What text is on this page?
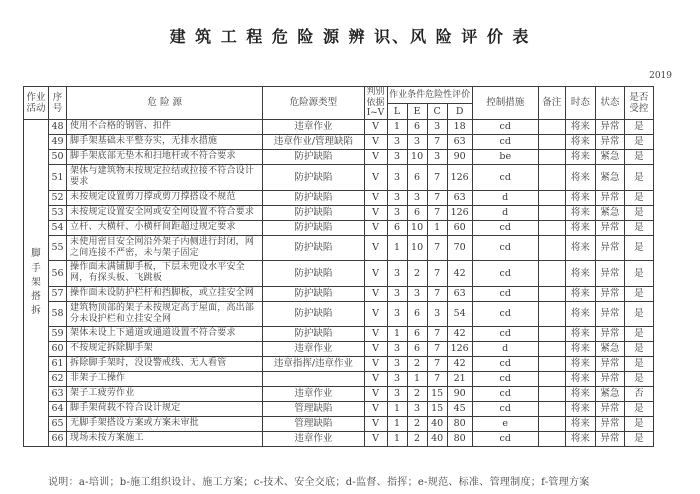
建 筑 工 程 危 险 源 辨 识、风 险 评 价 表
2019
作业活动	序号	危 险 源	危险源类型	判别依据I~V	作业条件危险性评价				控制措施	备注	时态	状态	是否受控
					L	E	C	D					
脚手架搭拆	48	使用不合格的钢管、扣件	违章作业	V	1	6	3	18	cd		将来	异常	是
	49	脚手架基础未平整夯实，无排水措施	违章作业/管理缺陷	V	3	3	7	63	cd		将来	异常	是
	50	脚手架底部无垫木和扫地杆或不符合要求	防护缺陷	V	3	10	3	90	be		将来	紧急	是
	51	架体与建筑物未按规定拉结或拉接不符合设计要求	防护缺陷	V	3	6	7	126	cd		将来	紧急	是
	52	未按规定设置剪刀撑或剪刀撑搭设不规范	防护缺陷	V	3	3	7	63	d		将来	异常	是
	53	未按规定设置安全网或安全网设置不符合要求	防护缺陷	V	3	6	7	126	d		将来	紧急	是
	54	立杆、大横杆、小横杆间距超过规定要求	防护缺陷	V	6	10	1	60	cd		将来	异常	是
	55	未使用密目安全网沿外架子内侧进行封闭，网之间连接不严密，未与架子固定	防护缺陷	V	1	10	7	70	cd		将来	异常	是
	56	操作面未满铺脚手板，下层未兜设水平安全网，有探头板、飞跳板	防护缺陷	V	3	2	7	42	cd		将来	异常	是
	57	操作面未设防护栏杆和挡脚板，或立挂安全网	防护缺陷	V	3	3	7	63	cd		将来	异常	是
	58	建筑物顶部的架子未按规定高于屋面，高出部分未设护栏和立挂安全网	防护缺陷	V	3	6	3	54	cd		将来	异常	是
	59	架体未设上下通道或通道设置不符合要求	防护缺陷	V	1	6	7	42	cd		将来	异常	是
	60	不按规定拆除脚手架	违章作业	V	3	6	7	126	d		将来	紧急	是
	61	拆除脚手架时，没设警戒线、无人看管	违章指挥/违章作业	V	3	2	7	42	cd		将来	异常	是
	62	非架子工操作		V	3	1	7	21	cd		将来	异常	是
	63	架子工疲劳作业	违章作业	V	3	2	15	90	cd		将来	紧急	否
	64	脚手架荷载不符合设计规定	管理缺陷	V	1	3	15	45	cd		将来	异常	是
	65	无脚手架搭设方案或方案未审批	管理缺陷	V	1	2	40	80	e		将来	异常	是
	66	现场未按方案施工	违章作业	V	1	2	40	80	cd		将来	异常	是
说明：a-培训；b-施工组织设计、施工方案；c-技术、安全交底；d-监督、指挥；e-规范、标准、管理制度；f-管理方案
